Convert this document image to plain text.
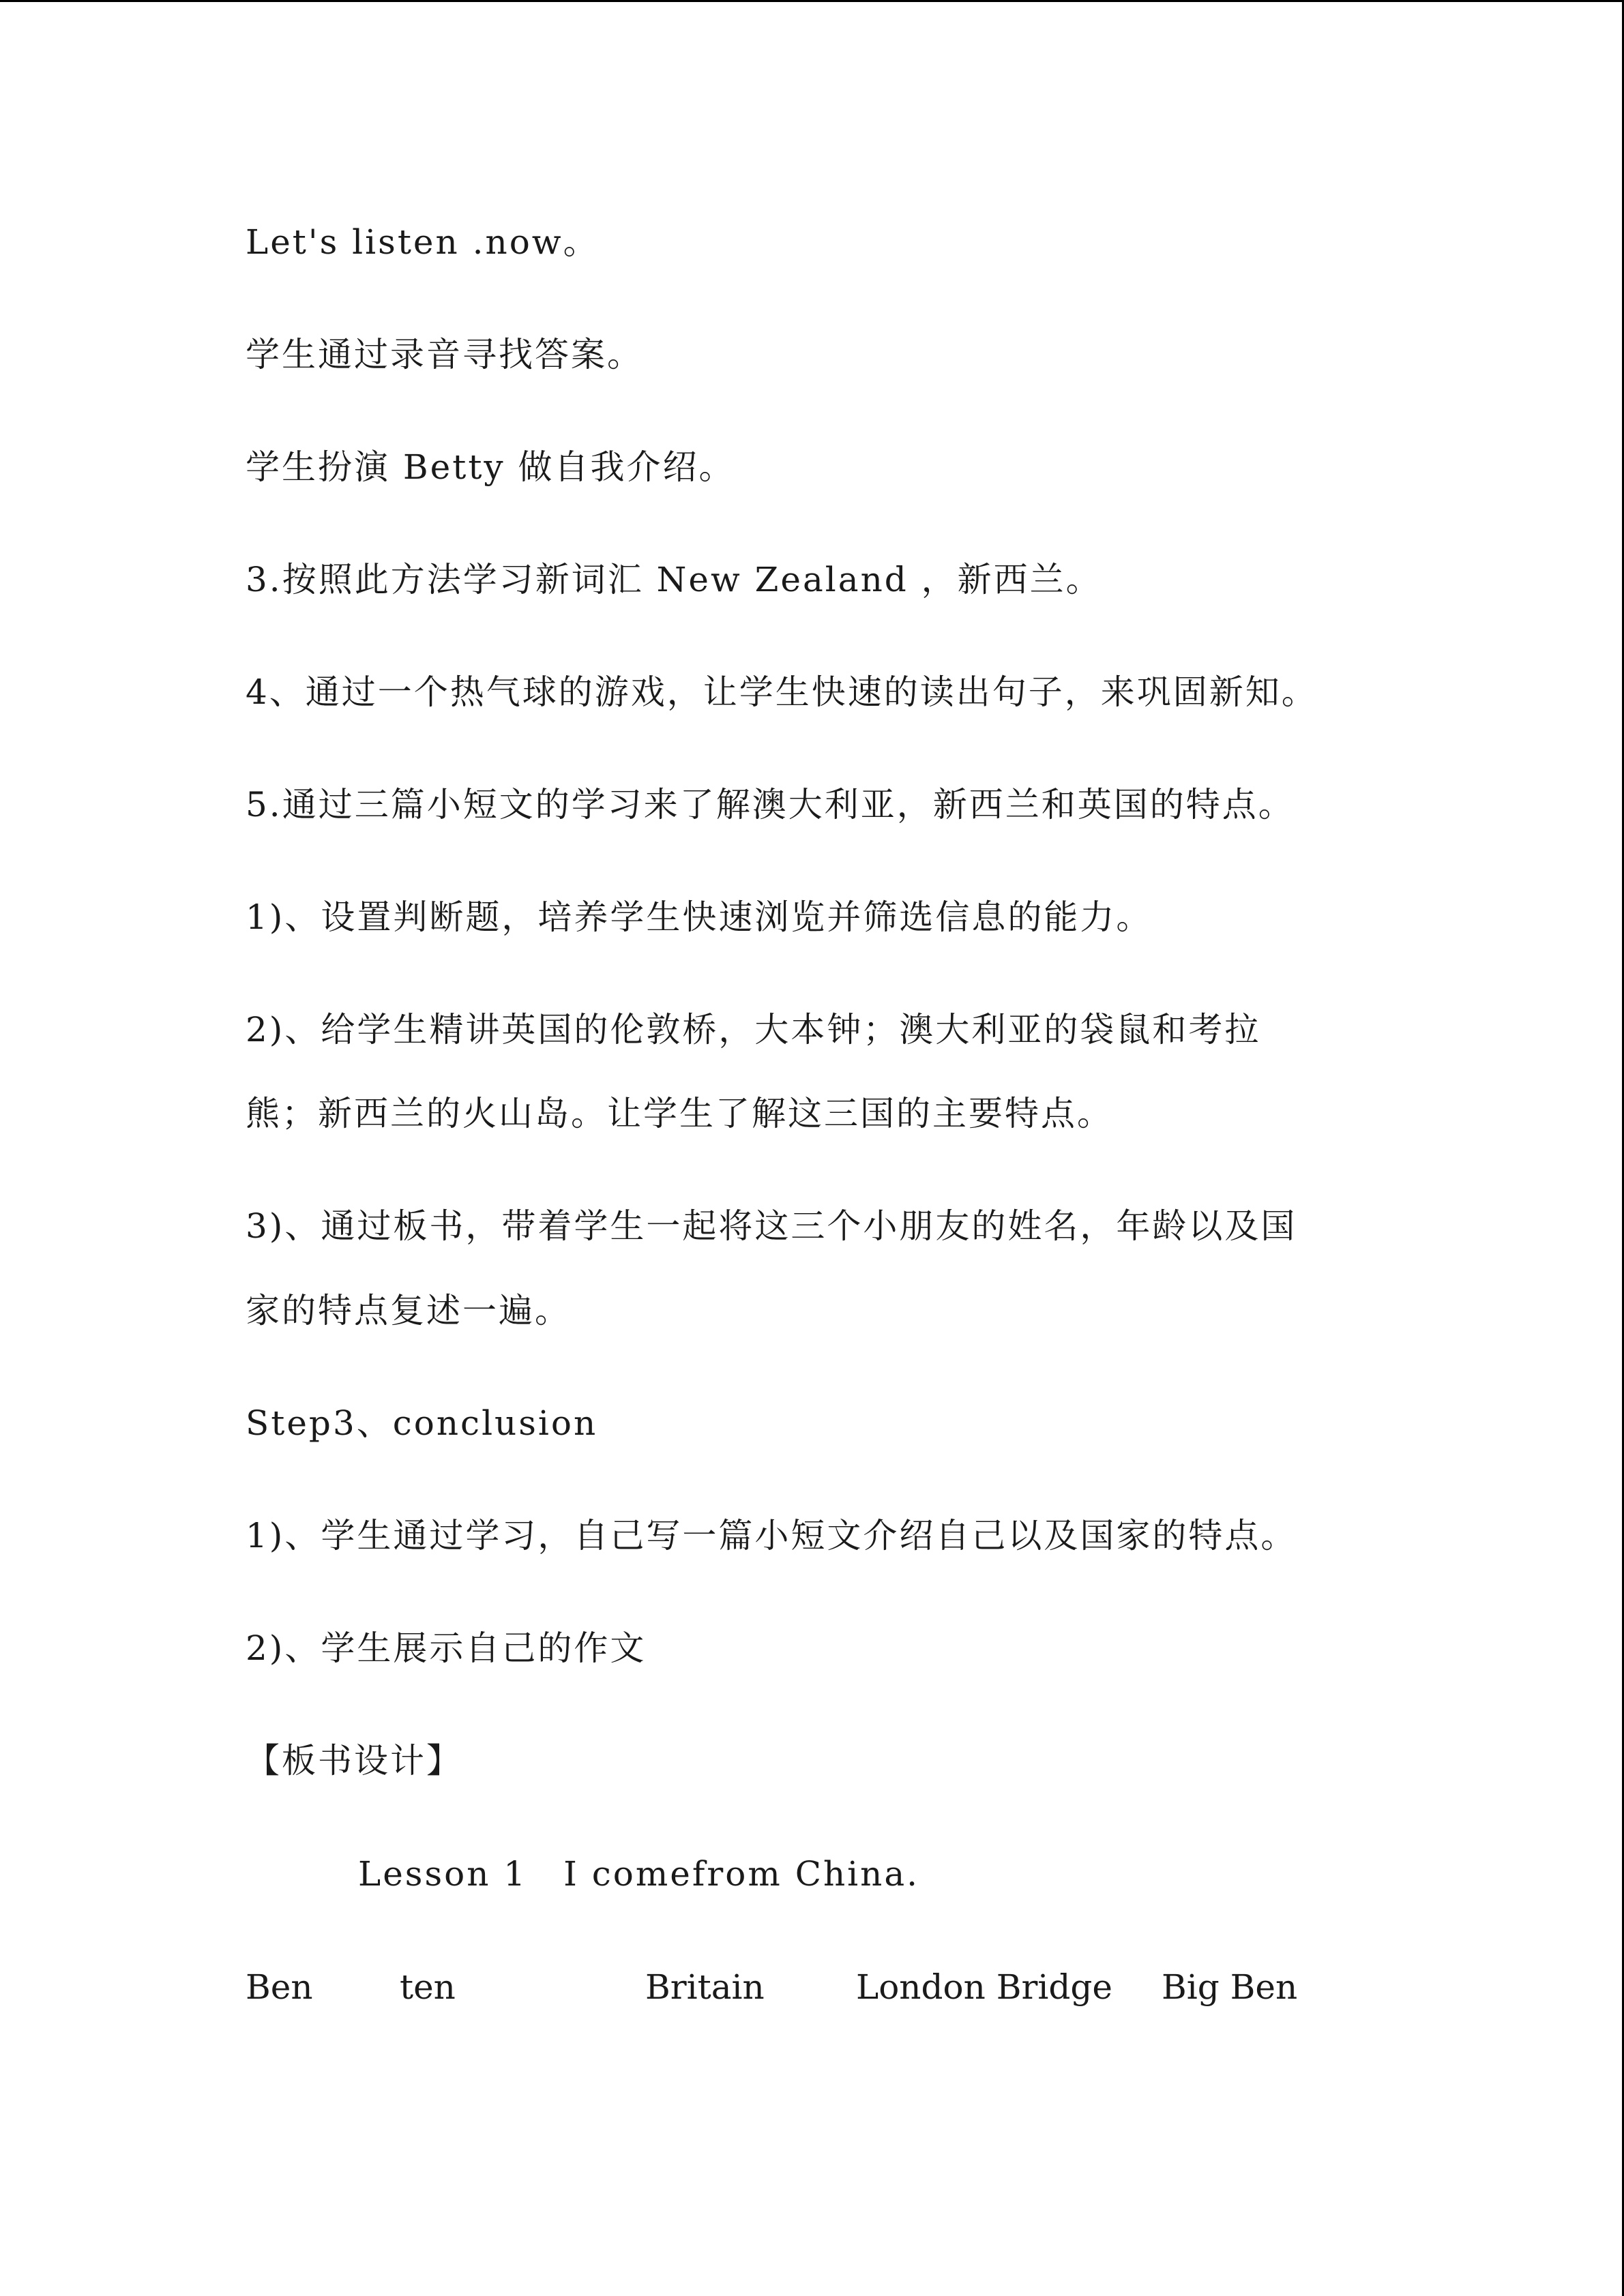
Let's listen .now。
学生通过录音寻找答案。
学生扮演 Betty 做自我介绍。
3.按照此方法学习新词汇 New Zealand ，新西兰。
4、通过一个热气球的游戏，让学生快速的读出句子，来巩固新知。
5.通过三篇小短文的学习来了解澳大利亚，新西兰和英国的特点。
1)、设置判断题，培养学生快速浏览并筛选信息的能力。
2)、给学生精讲英国的伦敦桥，大本钟；澳大利亚的袋鼠和考拉
熊；新西兰的火山岛。让学生了解这三国的主要特点。
3)、通过板书，带着学生一起将这三个小朋友的姓名，年龄以及国
家的特点复述一遍。
Step3、conclusion
1)、学生通过学习，自己写一篇小短文介绍自己以及国家的特点。
2)、学生展示自己的作文
【板书设计】
Lesson 1　I comefrom China.

Ben

	ten

	Britain

	London Bridge

Big Ben
